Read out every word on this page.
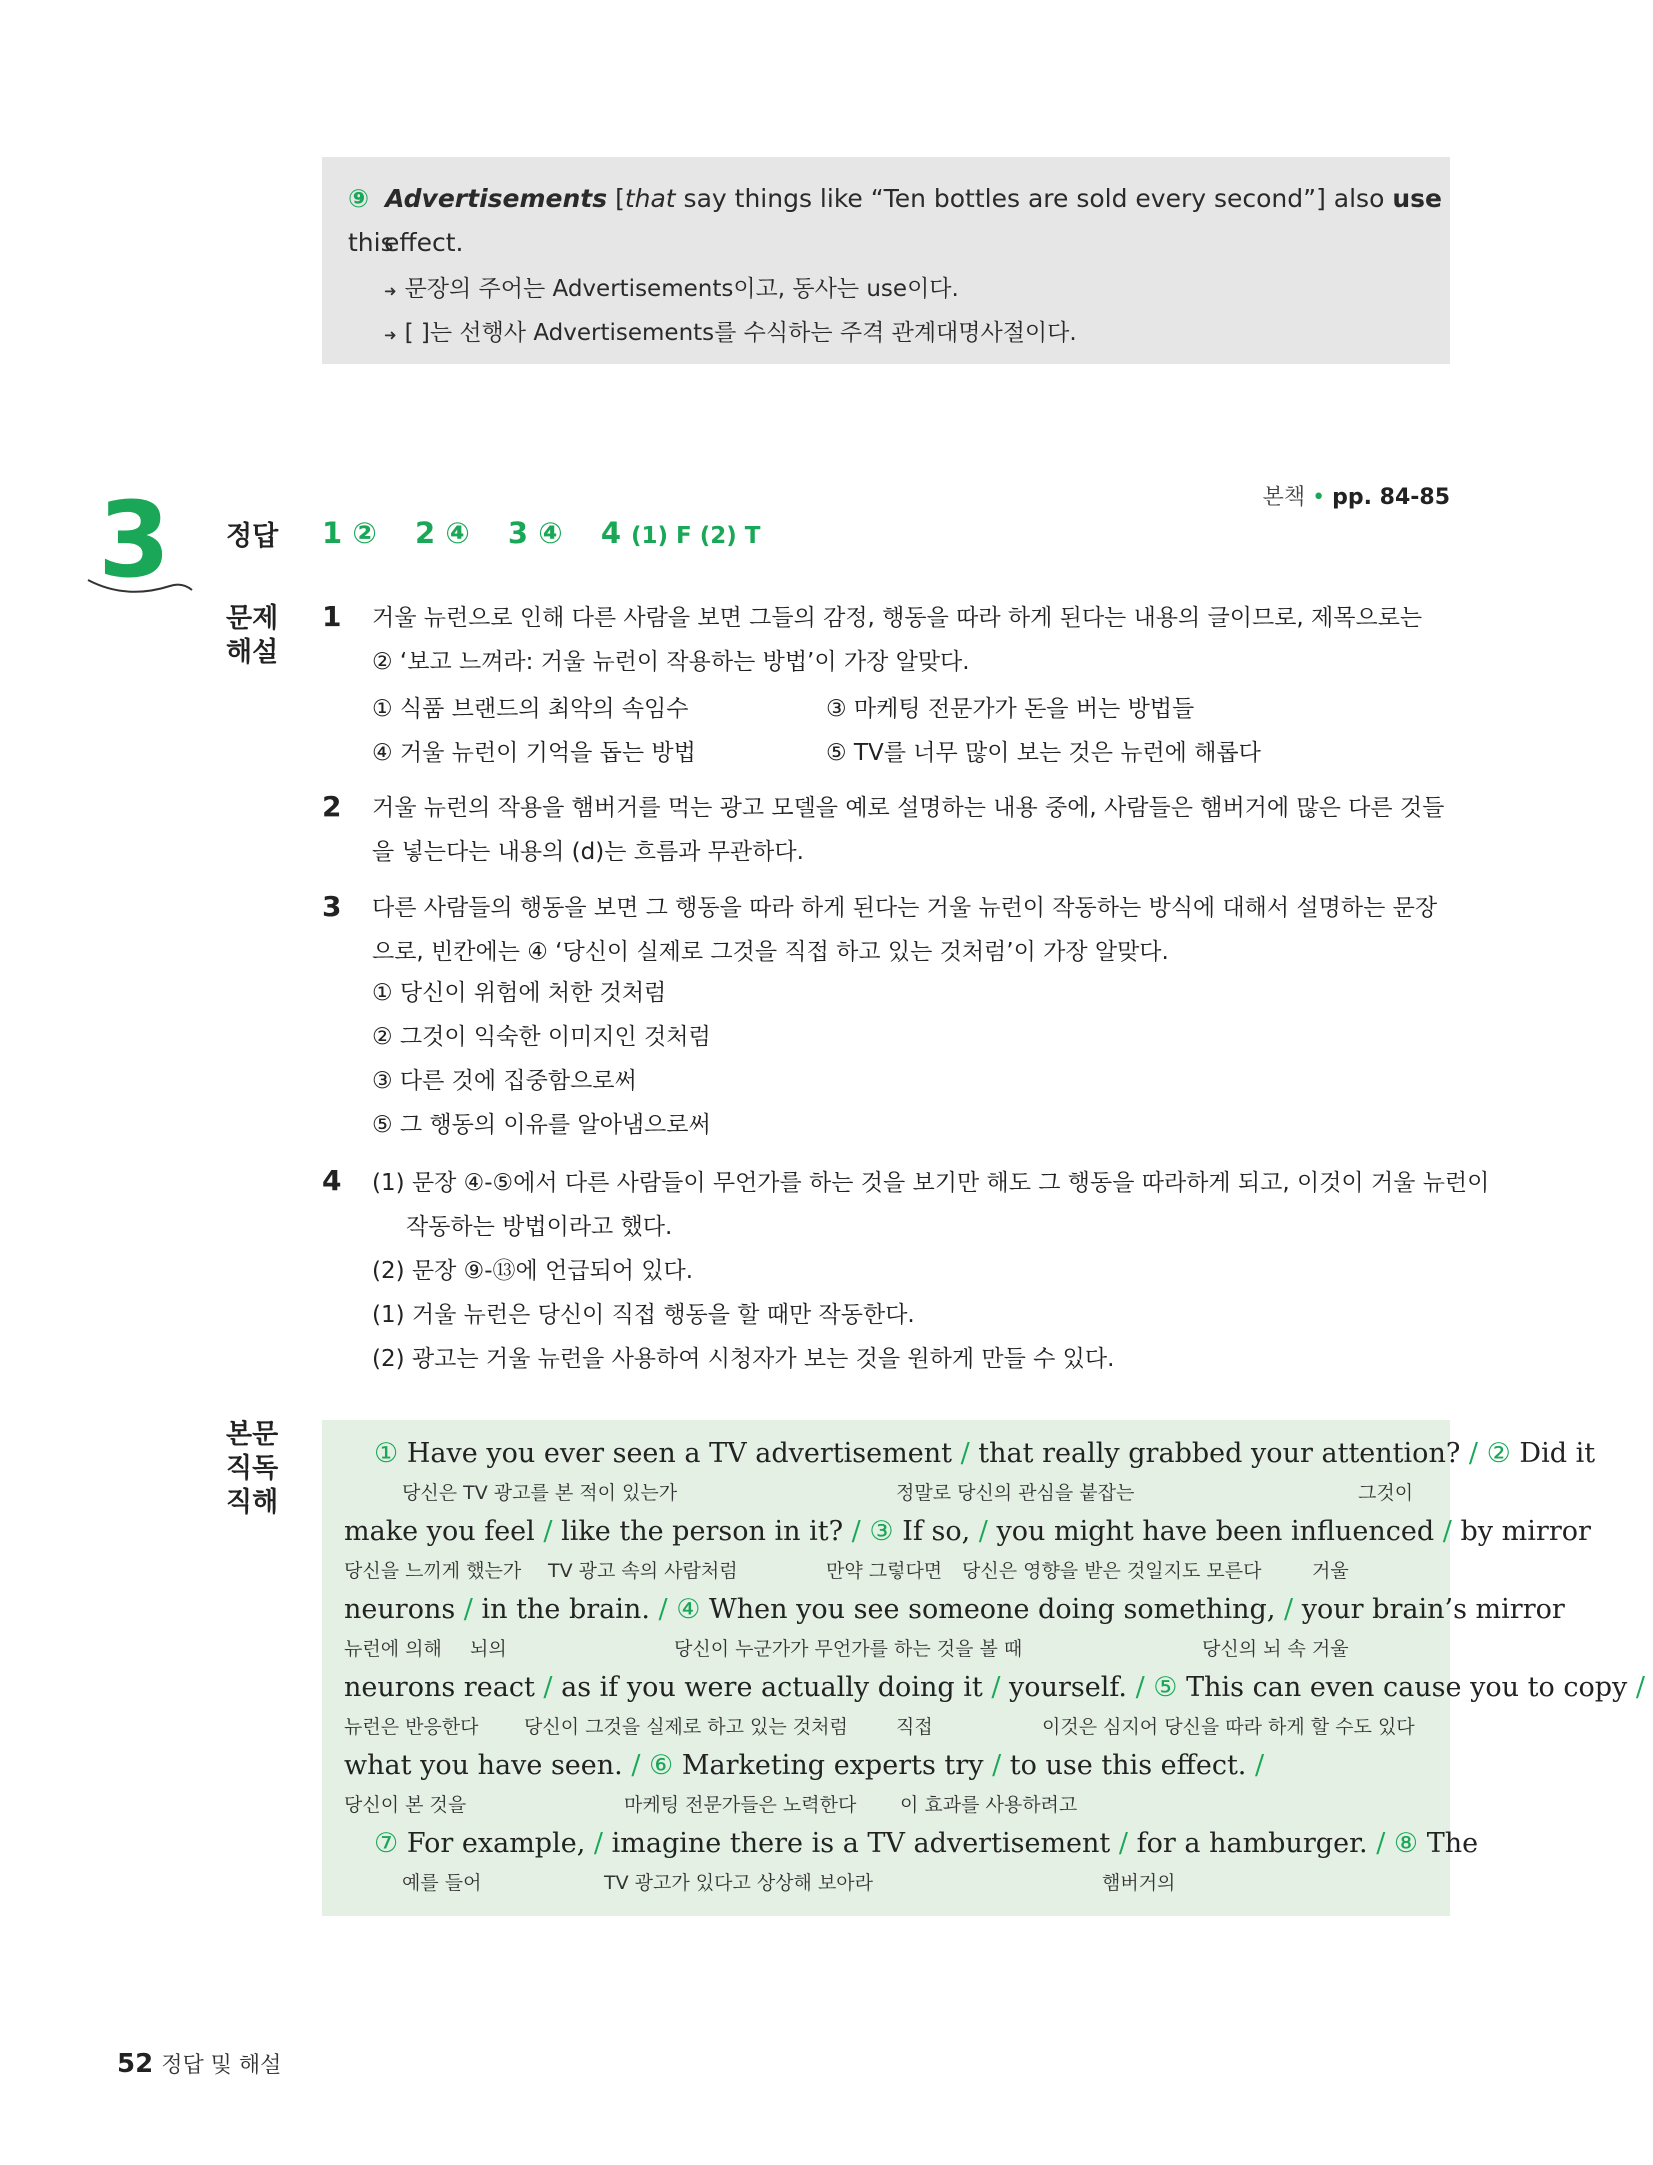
⑨ Advertisements [that say things like “Ten bottles are sold every second”] also use this
effect.
➜ 문장의 주어는 Advertisements이고, 동사는 use이다.
➜ [ ]는 선행사 Advertisements를 수식하는 주격 관계대명사절이다.
3	본책 • pp. 84-85
정답 1 ② 2 ④ 3 ④ 4 (1) F (2) T
문제
해설
1 거울 뉴런으로 인해 다른 사람을 보면 그들의 감정, 행동을 따라 하게 된다는 내용의 글이므로, 제목으로는 ② ‘보고 느껴라: 거울 뉴런이 작용하는 방법’이 가장 알맞다.
① 식품 브랜드의 최악의 속임수	③ 마케팅 전문가가 돈을 버는 방법들
④ 거울 뉴런이 기억을 돕는 방법	⑤ TV를 너무 많이 보는 것은 뉴런에 해롭다
2 거울 뉴런의 작용을 햄버거를 먹는 광고 모델을 예로 설명하는 내용 중에, 사람들은 햄버거에 많은 다른 것들을 넣는다는 내용의 (d)는 흐름과 무관하다.
3 다른 사람들의 행동을 보면 그 행동을 따라 하게 된다는 거울 뉴런이 작동하는 방식에 대해서 설명하는 문장으로, 빈칸에는 ④ ‘당신이 실제로 그것을 직접 하고 있는 것처럼’이 가장 알맞다.
① 당신이 위험에 처한 것처럼
② 그것이 익숙한 이미지인 것처럼
③ 다른 것에 집중함으로써
⑤ 그 행동의 이유를 알아냄으로써
4 (1) 문장 ④-⑤에서 다른 사람들이 무언가를 하는 것을 보기만 해도 그 행동을 따라하게 되고, 이것이 거울 뉴런이
작동하는 방법이라고 했다.
(2) 문장 ⑨-⑬에 언급되어 있다.
(1) 거울 뉴런은 당신이 직접 행동을 할 때만 작동한다.
(2) 광고는 거울 뉴런을 사용하여 시청자가 보는 것을 원하게 만들 수 있다.
본문
직독
직해
① Have you ever seen a TV advertisement / that really grabbed your attention? / ② Did it
당신은 TV 광고를 본 적이 있는가	정말로 당신의 관심을 붙잡는	그것이
make you feel / like the person in it? / ③ If so, / you might have been infuenced / by mirror
당신을 느끼게 했는가 TV 광고 속의 사람처럼	만약 그렇다면 당신은 영향을 받은 것일지도 모른다	거울
neurons / in the brain. / ④ When you see someone doing something, / your brain’s mirror
뉴런에 의해 뇌의	당신이 누군가가 무언가를 하는 것을 볼 때	당신의 뇌 속 거울
neurons react / as if you were actually doing it / yourself. / ⑤ This can even cause you to copy /
뉴런은 반응한다 당신이 그것을 실제로 하고 있는 것처럼	직접	이것은 심지어 당신을 따라 하게 할 수도 있다
what you have seen. / ⑥ Marketing experts try / to use this efect. /
당신이 본 것을	마케팅 전문가들은 노력한다 이 효과를 사용하려고
⑦ For example, / imagine there is a TV advertisement / for a hamburger. / ⑧ The
예를 들어	TV 광고가 있다고 상상해 보아라	햄버거의
52 정답 및 해설
